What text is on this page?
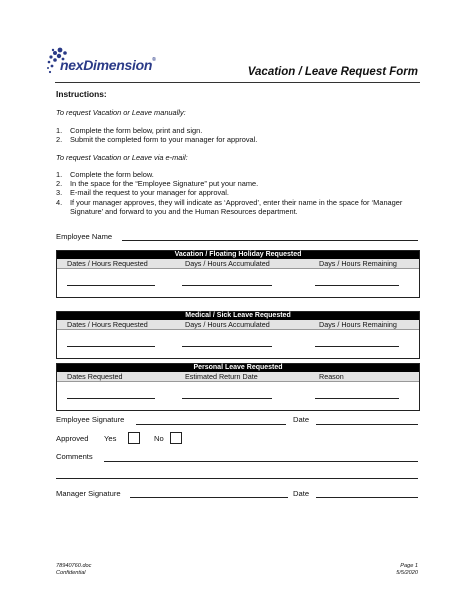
nexDimension®
Vacation / Leave Request Form
Instructions:
To request Vacation or Leave manually:
1. Complete the form below, print and sign.
2. Submit the completed form to your manager for approval.
To request Vacation or Leave via e-mail:
1. Complete the form below.
2. In the space for the “Employee Signature” put your name.
3. E-mail the request to your manager for approval.
4. If your manager approves, they will indicate as ‘Approved’, enter their name in the space for ‘Manager Signature’ and forward to you and the Human Resources department.
Employee Name
Vacation / Floating Holiday Requested
Dates / Hours Requested	Days / Hours Accumulated	Days / Hours Remaining
Medical / Sick Leave Requested
Dates / Hours Requested	Days / Hours Accumulated	Days / Hours Remaining
Personal Leave Requested
Dates Requested	Estimated Return Date	Reason
Employee Signature	Date
Approved Yes	No
Comments
Manager Signature	Date
78940760.doc
Confidential
Page 1
5/5/2020
